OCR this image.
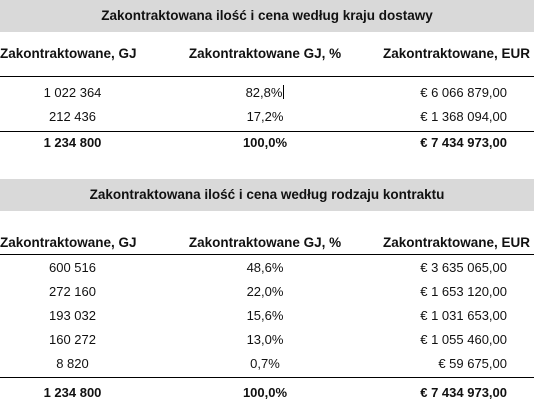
Zakontraktowana ilość i cena według kraju dostawy
Zakontraktowane, GJ	Zakontraktowane GJ, %	Zakontraktowane, EUR
1 022 364	82,8%	€ 6 066 879,00
212 436	17,2%	€ 1 368 094,00
1 234 800	100,0%	€ 7 434 973,00
Zakontraktowana ilość i cena według rodzaju kontraktu
Zakontraktowane, GJ	Zakontraktowane GJ, %	Zakontraktowane, EUR
600 516	48,6%	€ 3 635 065,00
272 160	22,0%	€ 1 653 120,00
193 032	15,6%	€ 1 031 653,00
160 272	13,0%	€ 1 055 460,00
8 820	0,7%	€ 59 675,00
1 234 800	100,0%	€ 7 434 973,00
